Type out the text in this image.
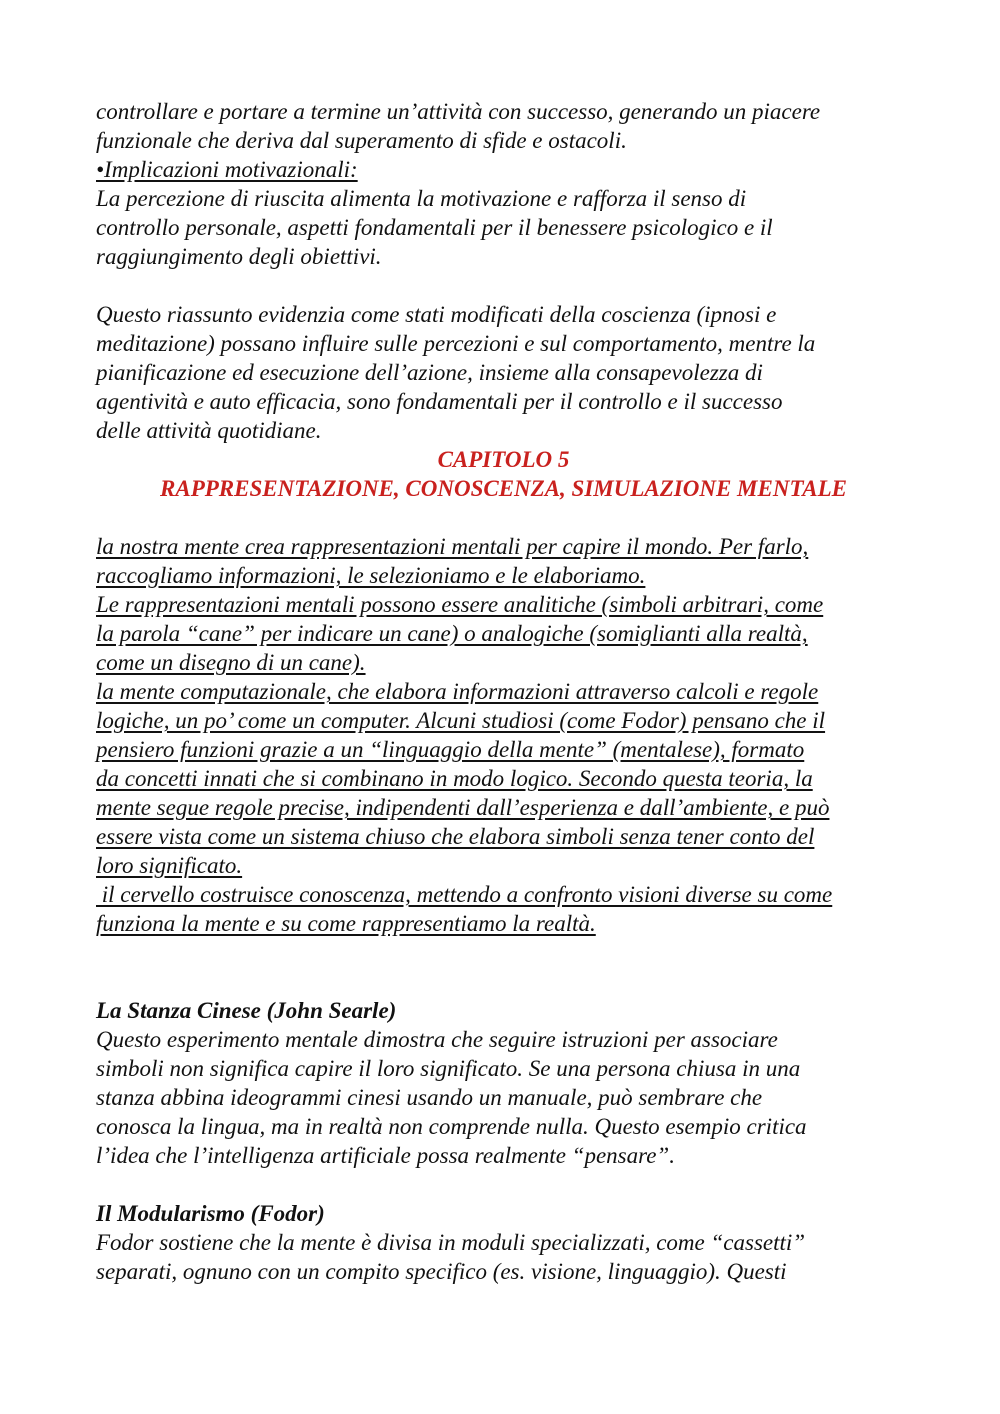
controllare e portare a termine un’attività con successo, generando un piacere

funzionale che deriva dal superamento di sfide e ostacoli.

•Implicazioni motivazionali:

La percezione di riuscita alimenta la motivazione e rafforza il senso di

controllo personale, aspetti fondamentali per il benessere psicologico e il

raggiungimento degli obiettivi.

Questo riassunto evidenzia come stati modificati della coscienza (ipnosi e

meditazione) possano influire sulle percezioni e sul comportamento, mentre la

pianificazione ed esecuzione dell’azione, insieme alla consapevolezza di

agentività e auto efficacia, sono fondamentali per il controllo e il successo

delle attività quotidiane.

CAPITOLO 5

RAPPRESENTAZIONE, CONOSCENZA, SIMULAZIONE MENTALE

la nostra mente crea rappresentazioni mentali per capire il mondo. Per farlo,

raccogliamo informazioni, le selezioniamo e le elaboriamo.

Le rappresentazioni mentali possono essere analitiche (simboli arbitrari, come

la parola “cane” per indicare un cane) o analogiche (somiglianti alla realtà,

come un disegno di un cane).

la mente computazionale, che elabora informazioni attraverso calcoli e regole

logiche, un po’ come un computer. Alcuni studiosi (come Fodor) pensano che il

pensiero funzioni grazie a un “linguaggio della mente” (mentalese), formato

da concetti innati che si combinano in modo logico. Secondo questa teoria, la

mente segue regole precise, indipendenti dall’esperienza e dall’ambiente, e può

essere vista come un sistema chiuso che elabora simboli senza tener conto del

loro significato.

il cervello costruisce conoscenza, mettendo a confronto visioni diverse su come

funziona la mente e su come rappresentiamo la realtà.

La Stanza Cinese (John Searle)

Questo esperimento mentale dimostra che seguire istruzioni per associare

simboli non significa capire il loro significato. Se una persona chiusa in una

stanza abbina ideogrammi cinesi usando un manuale, può sembrare che

conosca la lingua, ma in realtà non comprende nulla. Questo esempio critica

l’idea che l’intelligenza artificiale possa realmente “pensare”.

Il Modularismo (Fodor)

Fodor sostiene che la mente è divisa in moduli specializzati, come “cassetti”

separati, ognuno con un compito specifico (es. visione, linguaggio). Questi
